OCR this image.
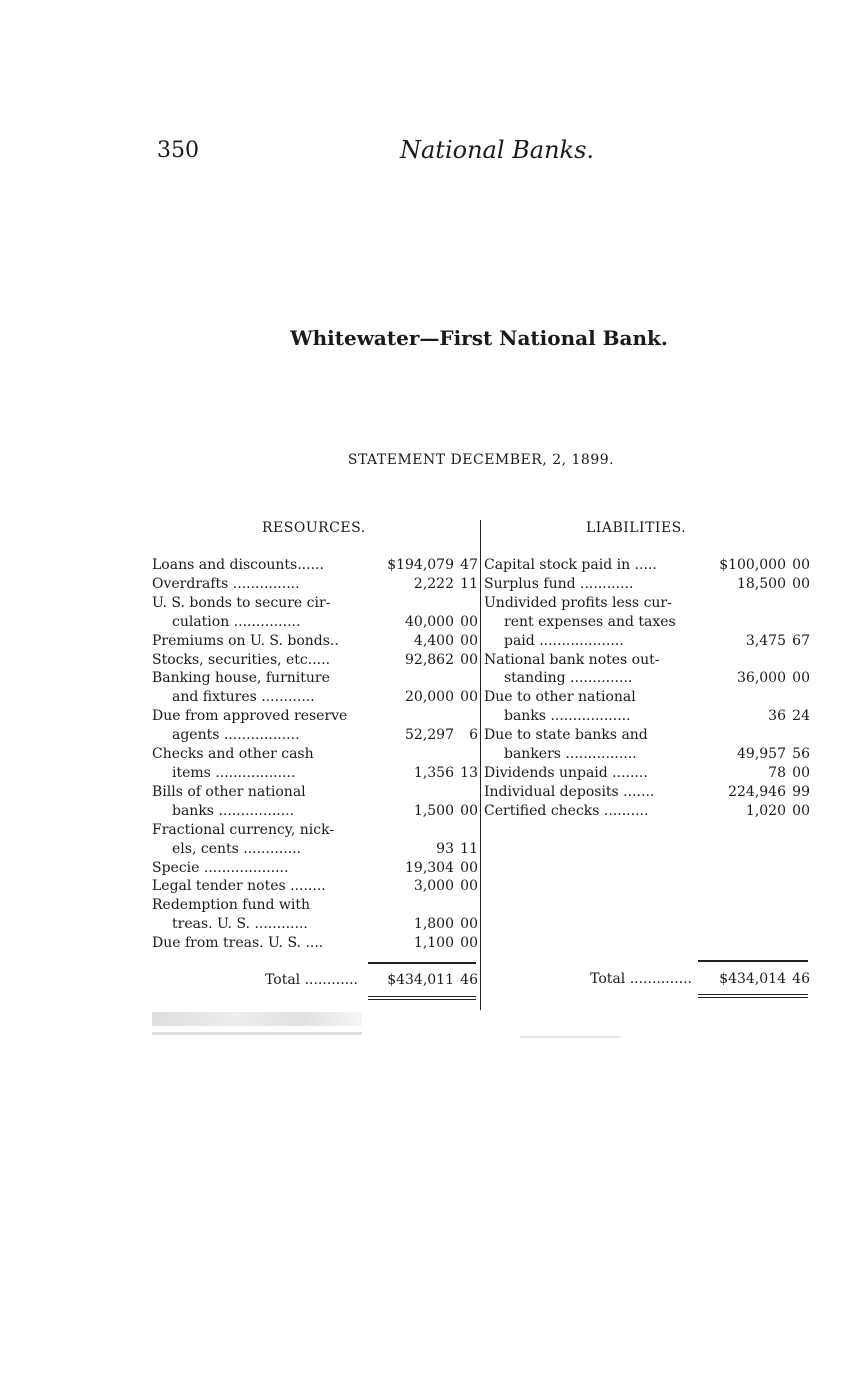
350	National Banks.
Whitewater—First National Bank.
STATEMENT DECEMBER, 2, 1899.
RESOURCES.	LIABILITIES.
Loans and discounts......	$194,079 47
Overdrafts ...............	2,222 11
U. S. bonds to secure cir-
culation ...............	40,000 00
Premiums on U. S. bonds..	4,400 00
Stocks, securities, etc.....	92,862 00
Banking house, furniture
and fixtures ............	20,000 00
Due from approved reserve
agents .................	52,297	6
Checks and other cash
items ..................	1,356 13
Bills of other national
banks .................	1,500 00
Fractional currency, nick-
els, cents .............	93 11
Specie ...................	19,304 00
Legal tender notes ........	3,000 00
Redemption fund with
treas. U. S. ............	1,800 00
Due from treas. U. S. ....	1,100 00
Capital stock paid in .....	$100,000 00
Surplus fund ............	18,500 00
Undivided profits less cur-
rent expenses and taxes
paid ...................	3,475 67
National bank notes out-
standing ..............	36,000 00
Due to other national
banks ..................	36 24
Due to state banks and
bankers ................	49,957 56
Dividends unpaid ........	78 00
Individual deposits .......	224,946 99
Certified checks ..........	1,020 00
Total ............	$434,011 46	Total ..............	$434,014 46
